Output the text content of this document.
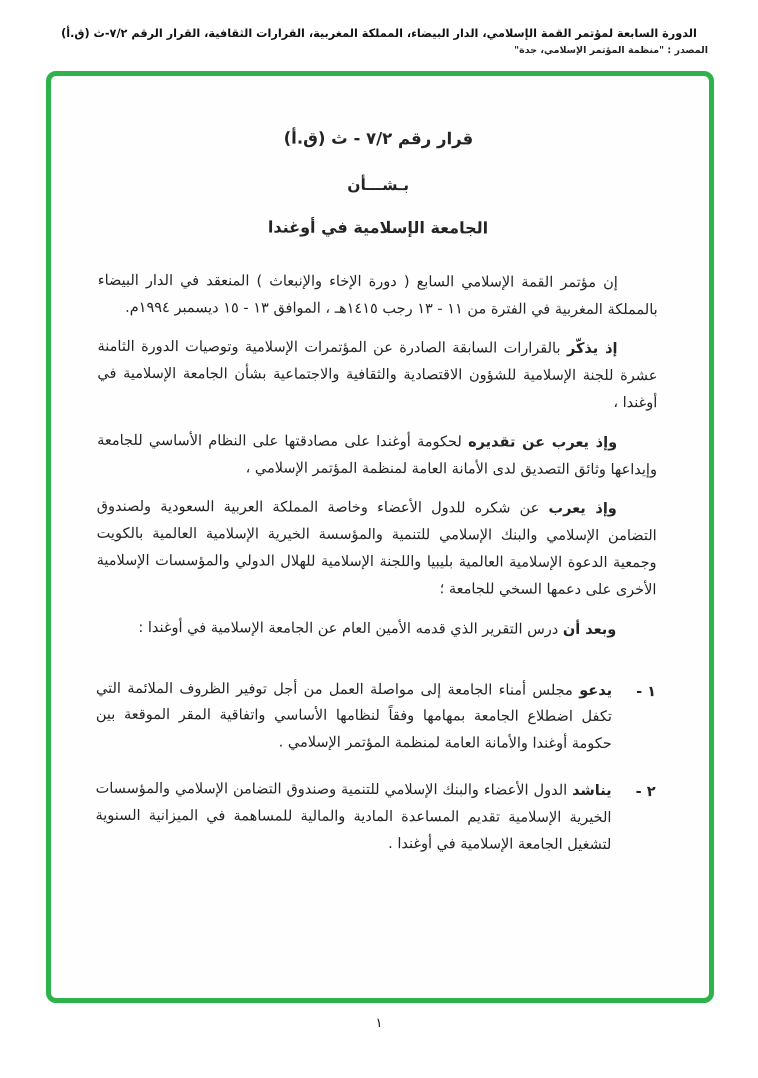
الدورة السابعة لمؤتمر القمة الإسلامي، الدار البيضاء، المملكة المغربية، القرارات الثقافية، القرار الرقم ٧/٢-ث (ق.أ)
المصدر : "منظمة المؤتمر الإسلامي، جدة"
قرار رقم ٧/٢ - ث (ق.أ)
بـشـــأن
الجامعة الإسلامية في أوغندا

إن مؤتمر القمة الإسلامي السابع ( دورة الإخاء والإنبعاث ) المنعقد في الدار البيضاء بالمملكة المغربية في الفترة من ١١ - ١٣ رجب ١٤١٥هـ ، الموافق ١٣ - ١٥ ديسمبر ١٩٩٤م.

إذ يذكّر بالقرارات السابقة الصادرة عن المؤتمرات الإسلامية وتوصيات الدورة الثامنة عشرة للجنة الإسلامية للشؤون الاقتصادية والثقافية والاجتماعية بشأن الجامعة الإسلامية في أوغندا ،

وإذ يعرب عن تقديره لحكومة أوغندا على مصادقتها على النظام الأساسي للجامعة وإيداعها وثائق التصديق لدى الأمانة العامة لمنظمة المؤتمر الإسلامي ،

وإذ يعرب عن شكره للدول الأعضاء وخاصة المملكة العربية السعودية ولصندوق التضامن الإسلامي والبنك الإسلامي للتنمية والمؤسسة الخيرية الإسلامية العالمية بالكويت وجمعية الدعوة الإسلامية العالمية بليبيا واللجنة الإسلامية للهلال الدولي والمؤسسات الإسلامية الأخرى على دعمها السخي للجامعة ؛

وبعد أن درس التقرير الذي قدمه الأمين العام عن الجامعة الإسلامية في أوغندا :

١ -

يدعو مجلس أمناء الجامعة إلى مواصلة العمل من أجل توفير الظروف الملائمة التي تكفل اضطلاع الجامعة بمهامها وفقاً لنظامها الأساسي واتفاقية المقر الموقعة بين حكومة أوغندا والأمانة العامة لمنظمة المؤتمر الإسلامي .

٢ -

يناشد الدول الأعضاء والبنك الإسلامي للتنمية وصندوق التضامن الإسلامي والمؤسسات الخيرية الإسلامية تقديم المساعدة المادية والمالية للمساهمة في الميزانية السنوية لتشغيل الجامعة الإسلامية في أوغندا .

١
